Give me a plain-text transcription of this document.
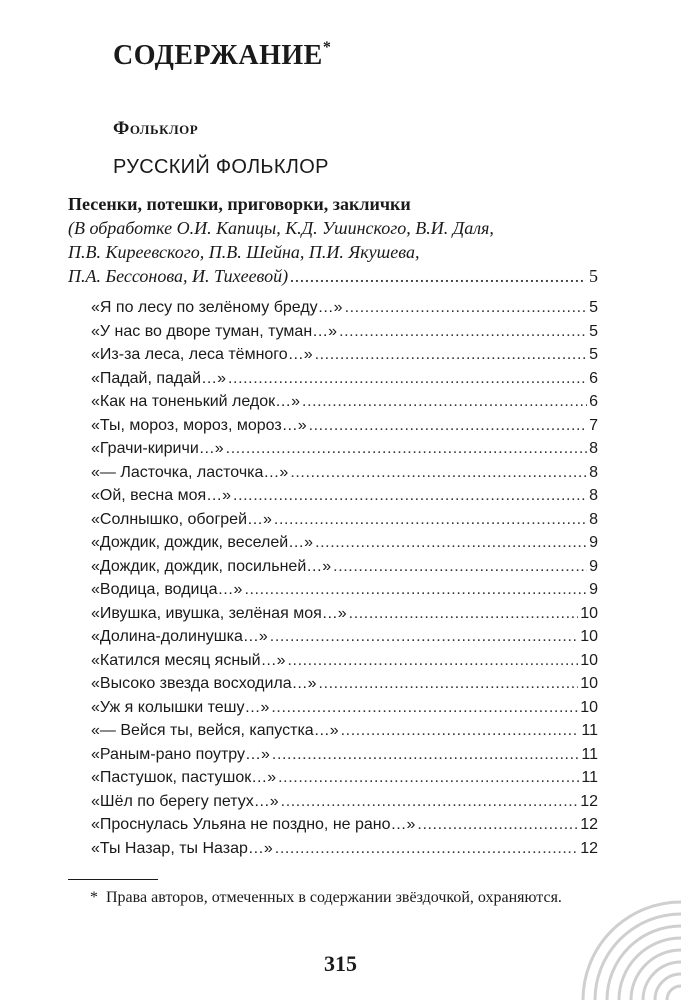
СОДЕРЖАНИЕ*
Фольклор
РУССКИЙ ФОЛЬКЛОР
Песенки, потешки, приговорки, заклички
(В обработке О.И. Капицы, К.Д. Ушинского, В.И. Даля,
П.В. Киреевского, П.В. Шейна, П.И. Якушева,
П.А. Бессонова, И. Тихеевой) .....	5
«Я по лесу по зелёному бреду…» .....	5
«У нас во дворе туман, туман…» .....	5
«Из-за леса, леса тёмного…» .....	5
«Падай, падай…» .....	6
«Как на тоненький ледок…» .....	6
«Ты, мороз, мороз, мороз…» .....	7
«Грачи-киричи…» .....	8
«— Ласточка, ласточка…» .....	8
«Ой, весна моя…» .....	8
«Солнышко, обогрей…» .....	8
«Дождик, дождик, веселей…» .....	9
«Дождик, дождик, посильней…» .....	9
«Водица, водица…» .....	9
«Ивушка, ивушка, зелёная моя…» .....	10
«Долина-долинушка…» .....	10
«Катился месяц ясный…» .....	10
«Высоко звезда восходила…» .....	10
«Уж я колышки тешу…» .....	10
«— Вейся ты, вейся, капустка…» .....	11
«Раным-рано поутру…» .....	11
«Пастушок, пастушок…» .....	11
«Шёл по берегу петух…» .....	12
«Проснулась Ульяна не поздно, не рано…» .....	12
«Ты Назар, ты Назар…» .....	12
* Права авторов, отмеченных в содержании звёздочкой, охраняются.
315
